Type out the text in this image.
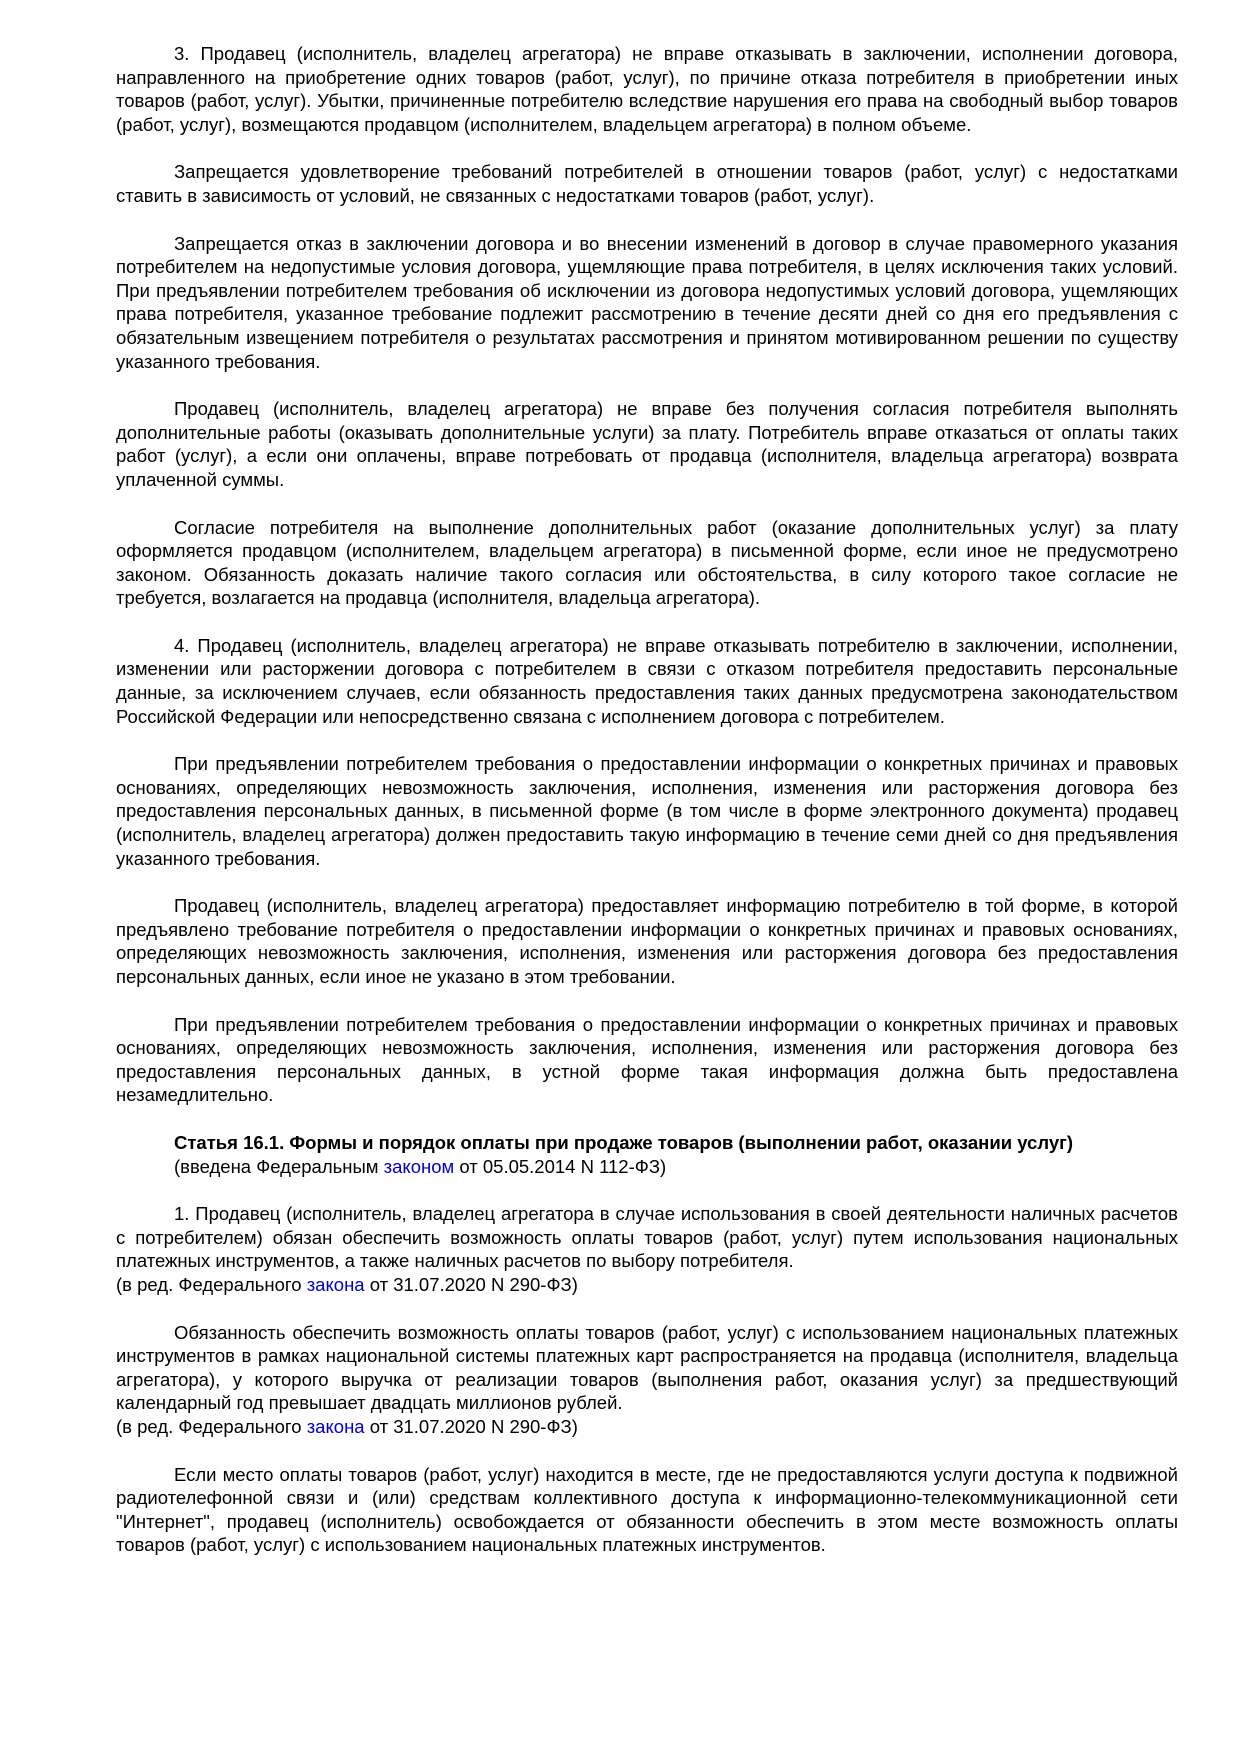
3. Продавец (исполнитель, владелец агрегатора) не вправе отказывать в заключении, исполнении договора, направленного на приобретение одних товаров (работ, услуг), по причине отказа потребителя в приобретении иных товаров (работ, услуг). Убытки, причиненные потребителю вследствие нарушения его права на свободный выбор товаров (работ, услуг), возмещаются продавцом (исполнителем, владельцем агрегатора) в полном объеме.

Запрещается удовлетворение требований потребителей в отношении товаров (работ, услуг) с недостатками ставить в зависимость от условий, не связанных с недостатками товаров (работ, услуг).

Запрещается отказ в заключении договора и во внесении изменений в договор в случае правомерного указания потребителем на недопустимые условия договора, ущемляющие права потребителя, в целях исключения таких условий. При предъявлении потребителем требования об исключении из договора недопустимых условий договора, ущемляющих права потребителя, указанное требование подлежит рассмотрению в течение десяти дней со дня его предъявления с обязательным извещением потребителя о результатах рассмотрения и принятом мотивированном решении по существу указанного требования.

Продавец (исполнитель, владелец агрегатора) не вправе без получения согласия потребителя выполнять дополнительные работы (оказывать дополнительные услуги) за плату. Потребитель вправе отказаться от оплаты таких работ (услуг), а если они оплачены, вправе потребовать от продавца (исполнителя, владельца агрегатора) возврата уплаченной суммы.

Согласие потребителя на выполнение дополнительных работ (оказание дополнительных услуг) за плату оформляется продавцом (исполнителем, владельцем агрегатора) в письменной форме, если иное не предусмотрено законом. Обязанность доказать наличие такого согласия или обстоятельства, в силу которого такое согласие не требуется, возлагается на продавца (исполнителя, владельца агрегатора).

4. Продавец (исполнитель, владелец агрегатора) не вправе отказывать потребителю в заключении, исполнении, изменении или расторжении договора с потребителем в связи с отказом потребителя предоставить персональные данные, за исключением случаев, если обязанность предоставления таких данных предусмотрена законодательством Российской Федерации или непосредственно связана с исполнением договора с потребителем.

При предъявлении потребителем требования о предоставлении информации о конкретных причинах и правовых основаниях, определяющих невозможность заключения, исполнения, изменения или расторжения договора без предоставления персональных данных, в письменной форме (в том числе в форме электронного документа) продавец (исполнитель, владелец агрегатора) должен предоставить такую информацию в течение семи дней со дня предъявления указанного требования.

Продавец (исполнитель, владелец агрегатора) предоставляет информацию потребителю в той форме, в которой предъявлено требование потребителя о предоставлении информации о конкретных причинах и правовых основаниях, определяющих невозможность заключения, исполнения, изменения или расторжения договора без предоставления персональных данных, если иное не указано в этом требовании.

При предъявлении потребителем требования о предоставлении информации о конкретных причинах и правовых основаниях, определяющих невозможность заключения, исполнения, изменения или расторжения договора без предоставления персональных данных, в устной форме такая информация должна быть предоставлена незамедлительно.

Статья 16.1. Формы и порядок оплаты при продаже товаров (выполнении работ, оказании услуг)

(введена Федеральным законом от 05.05.2014 N 112-ФЗ)

1. Продавец (исполнитель, владелец агрегатора в случае использования в своей деятельности наличных расчетов с потребителем) обязан обеспечить возможность оплаты товаров (работ, услуг) путем использования национальных платежных инструментов, а также наличных расчетов по выбору потребителя.

(в ред. Федерального закона от 31.07.2020 N 290-ФЗ)

Обязанность обеспечить возможность оплаты товаров (работ, услуг) с использованием национальных платежных инструментов в рамках национальной системы платежных карт распространяется на продавца (исполнителя, владельца агрегатора), у которого выручка от реализации товаров (выполнения работ, оказания услуг) за предшествующий календарный год превышает двадцать миллионов рублей.

(в ред. Федерального закона от 31.07.2020 N 290-ФЗ)

Если место оплаты товаров (работ, услуг) находится в месте, где не предоставляются услуги доступа к подвижной радиотелефонной связи и (или) средствам коллективного доступа к информационно-телекоммуникационной сети "Интернет", продавец (исполнитель) освобождается от обязанности обеспечить в этом месте возможность оплаты товаров (работ, услуг) с использованием национальных платежных инструментов.
